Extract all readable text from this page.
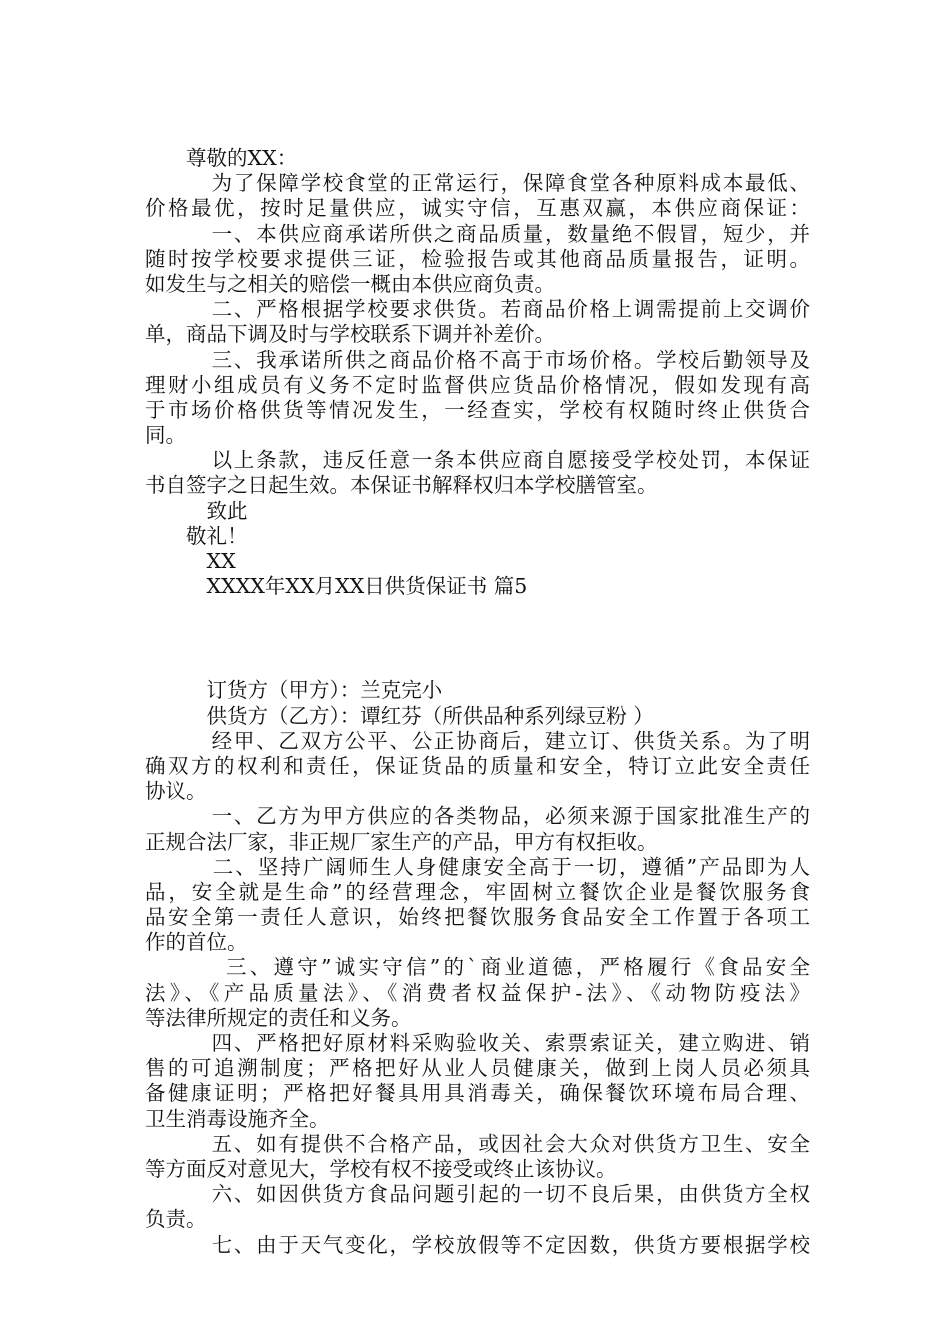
　　尊敬的XX：
　　　为了保障学校食堂的正常运行，保障食堂各种原料成本最低、
价格最优，按时足量供应，诚实守信，互惠双赢，本供应商保证：
　　　一、本供应商承诺所供之商品质量，数量绝不假冒，短少，并
随时按学校要求提供三证，检验报告或其他商品质量报告，证明。
如发生与之相关的赔偿一概由本供应商负责。
　　　二、严格根据学校要求供货。若商品价格上调需提前上交调价
单，商品下调及时与学校联系下调并补差价。
　　　三、我承诺所供之商品价格不高于市场价格。学校后勤领导及
理财小组成员有义务不定时监督供应货品价格情况，假如发现有高
于市场价格供货等情况发生，一经查实，学校有权随时终止供货合
同。
　　　以上条款，违反任意一条本供应商自愿接受学校处罚，本保证
书自签字之日起生效。本保证书解释权归本学校膳管室。
　　　致此
　　敬礼！
　　　XX
　　　XXXX年XX月XX日供货保证书 篇5
　　　订货方（甲方）：兰克完小
　　　供货方（乙方）：谭红芬（所供品种系列绿豆粉 ）
　　　经甲、乙双方公平、公正协商后，建立订、供货关系。为了明
确双方的权利和责任，保证货品的质量和安全，特订立此安全责任
协议。
　　　一、乙方为甲方供应的各类物品，必须来源于国家批准生产的
正规合法厂家，非正规厂家生产的产品，甲方有权拒收。
　　　二、坚持广阔师生人身健康安全高于一切，遵循”产品即为人
品，安全就是生命”的经营理念，牢固树立餐饮企业是餐饮服务食
品安全第一责任人意识，始终把餐饮服务食品安全工作置于各项工
作的首位。
　　　 三、遵守”诚实守信”的`商业道德，严格履行《食品安全
法》、《产品质量法》、《消费者权益保护-法》、《动物防疫法》
等法律所规定的责任和义务。
　　　四、严格把好原材料采购验收关、索票索证关，建立购进、销
售的可追溯制度；严格把好从业人员健康关，做到上岗人员必须具
备健康证明；严格把好餐具用具消毒关，确保餐饮环境布局合理、
卫生消毒设施齐全。
　　　五、如有提供不合格产品，或因社会大众对供货方卫生、安全
等方面反对意见大，学校有权不接受或终止该协议。
　　　六、如因供货方食品问题引起的一切不良后果，由供货方全权
负责。
　　　七、由于天气变化，学校放假等不定因数，供货方要根据学校
